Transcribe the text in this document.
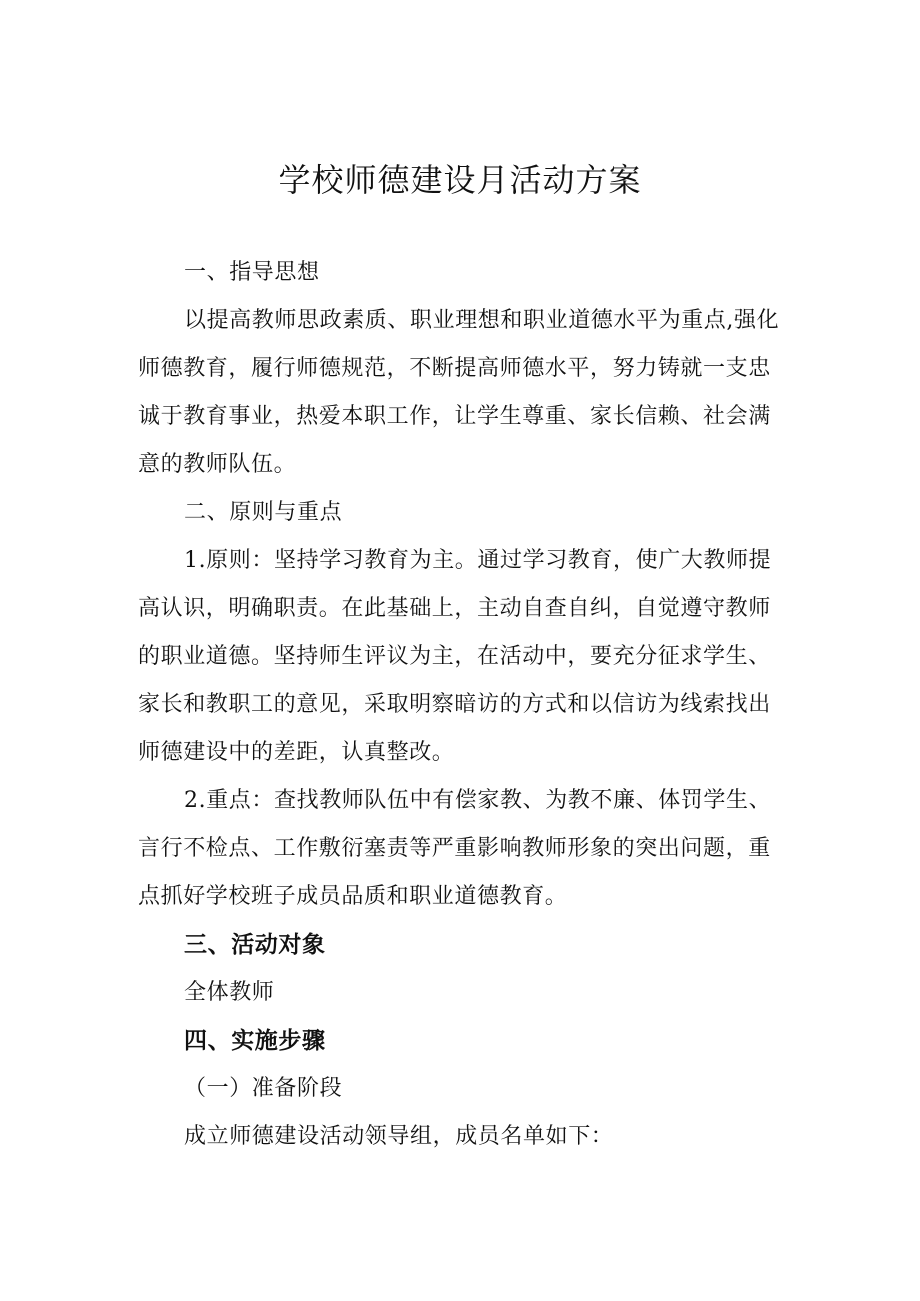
学校师德建设月活动方案

一、指导思想

以提高教师思政素质、职业理想和职业道德水平为重点,强化师德教育，履行师德规范，不断提高师德水平，努力铸就一支忠诚于教育事业，热爱本职工作，让学生尊重、家长信赖、社会满意的教师队伍。

二、原则与重点

1.原则：坚持学习教育为主。通过学习教育，使广大教师提高认识，明确职责。在此基础上，主动自查自纠，自觉遵守教师的职业道德。坚持师生评议为主，在活动中，要充分征求学生、家长和教职工的意见，采取明察暗访的方式和以信访为线索找出师德建设中的差距，认真整改。

2.重点：查找教师队伍中有偿家教、为教不廉、体罚学生、言行不检点、工作敷衍塞责等严重影响教师形象的突出问题，重点抓好学校班子成员品质和职业道德教育。

三、活动对象

全体教师

四、实施步骤

（一）准备阶段

成立师德建设活动领导组，成员名单如下：
